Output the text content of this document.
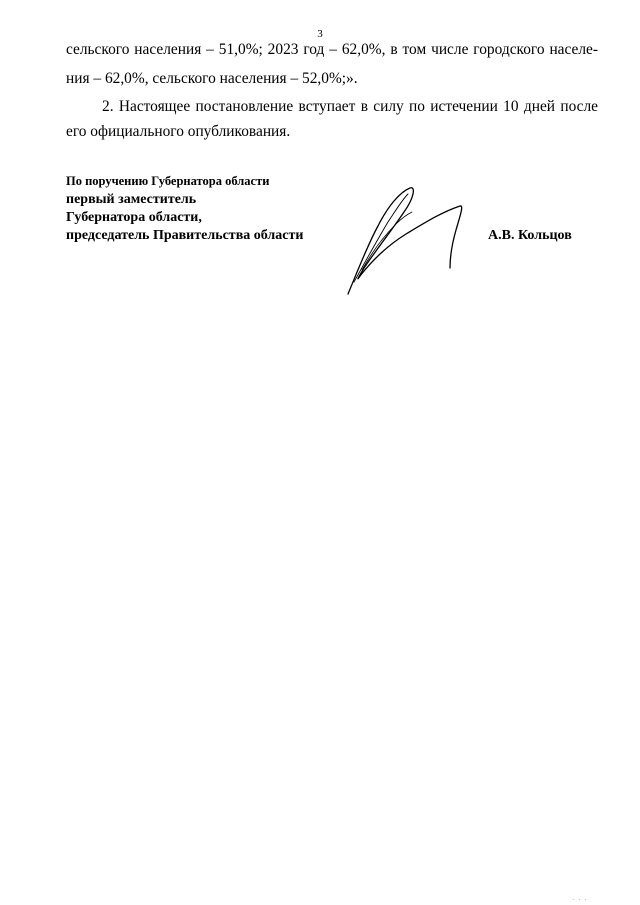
3
сельского населения – 51,0%; 2023 год – 62,0%, в том числе городского населе-
ния – 62,0%, сельского населения – 52,0%;».
2. Настоящее постановление вступает в силу по истечении 10 дней после
его официального опубликования.
По поручению Губернатора области
первый заместитель
Губернатора области,
председатель Правительства области	А.В. Кольцов
· · ·
